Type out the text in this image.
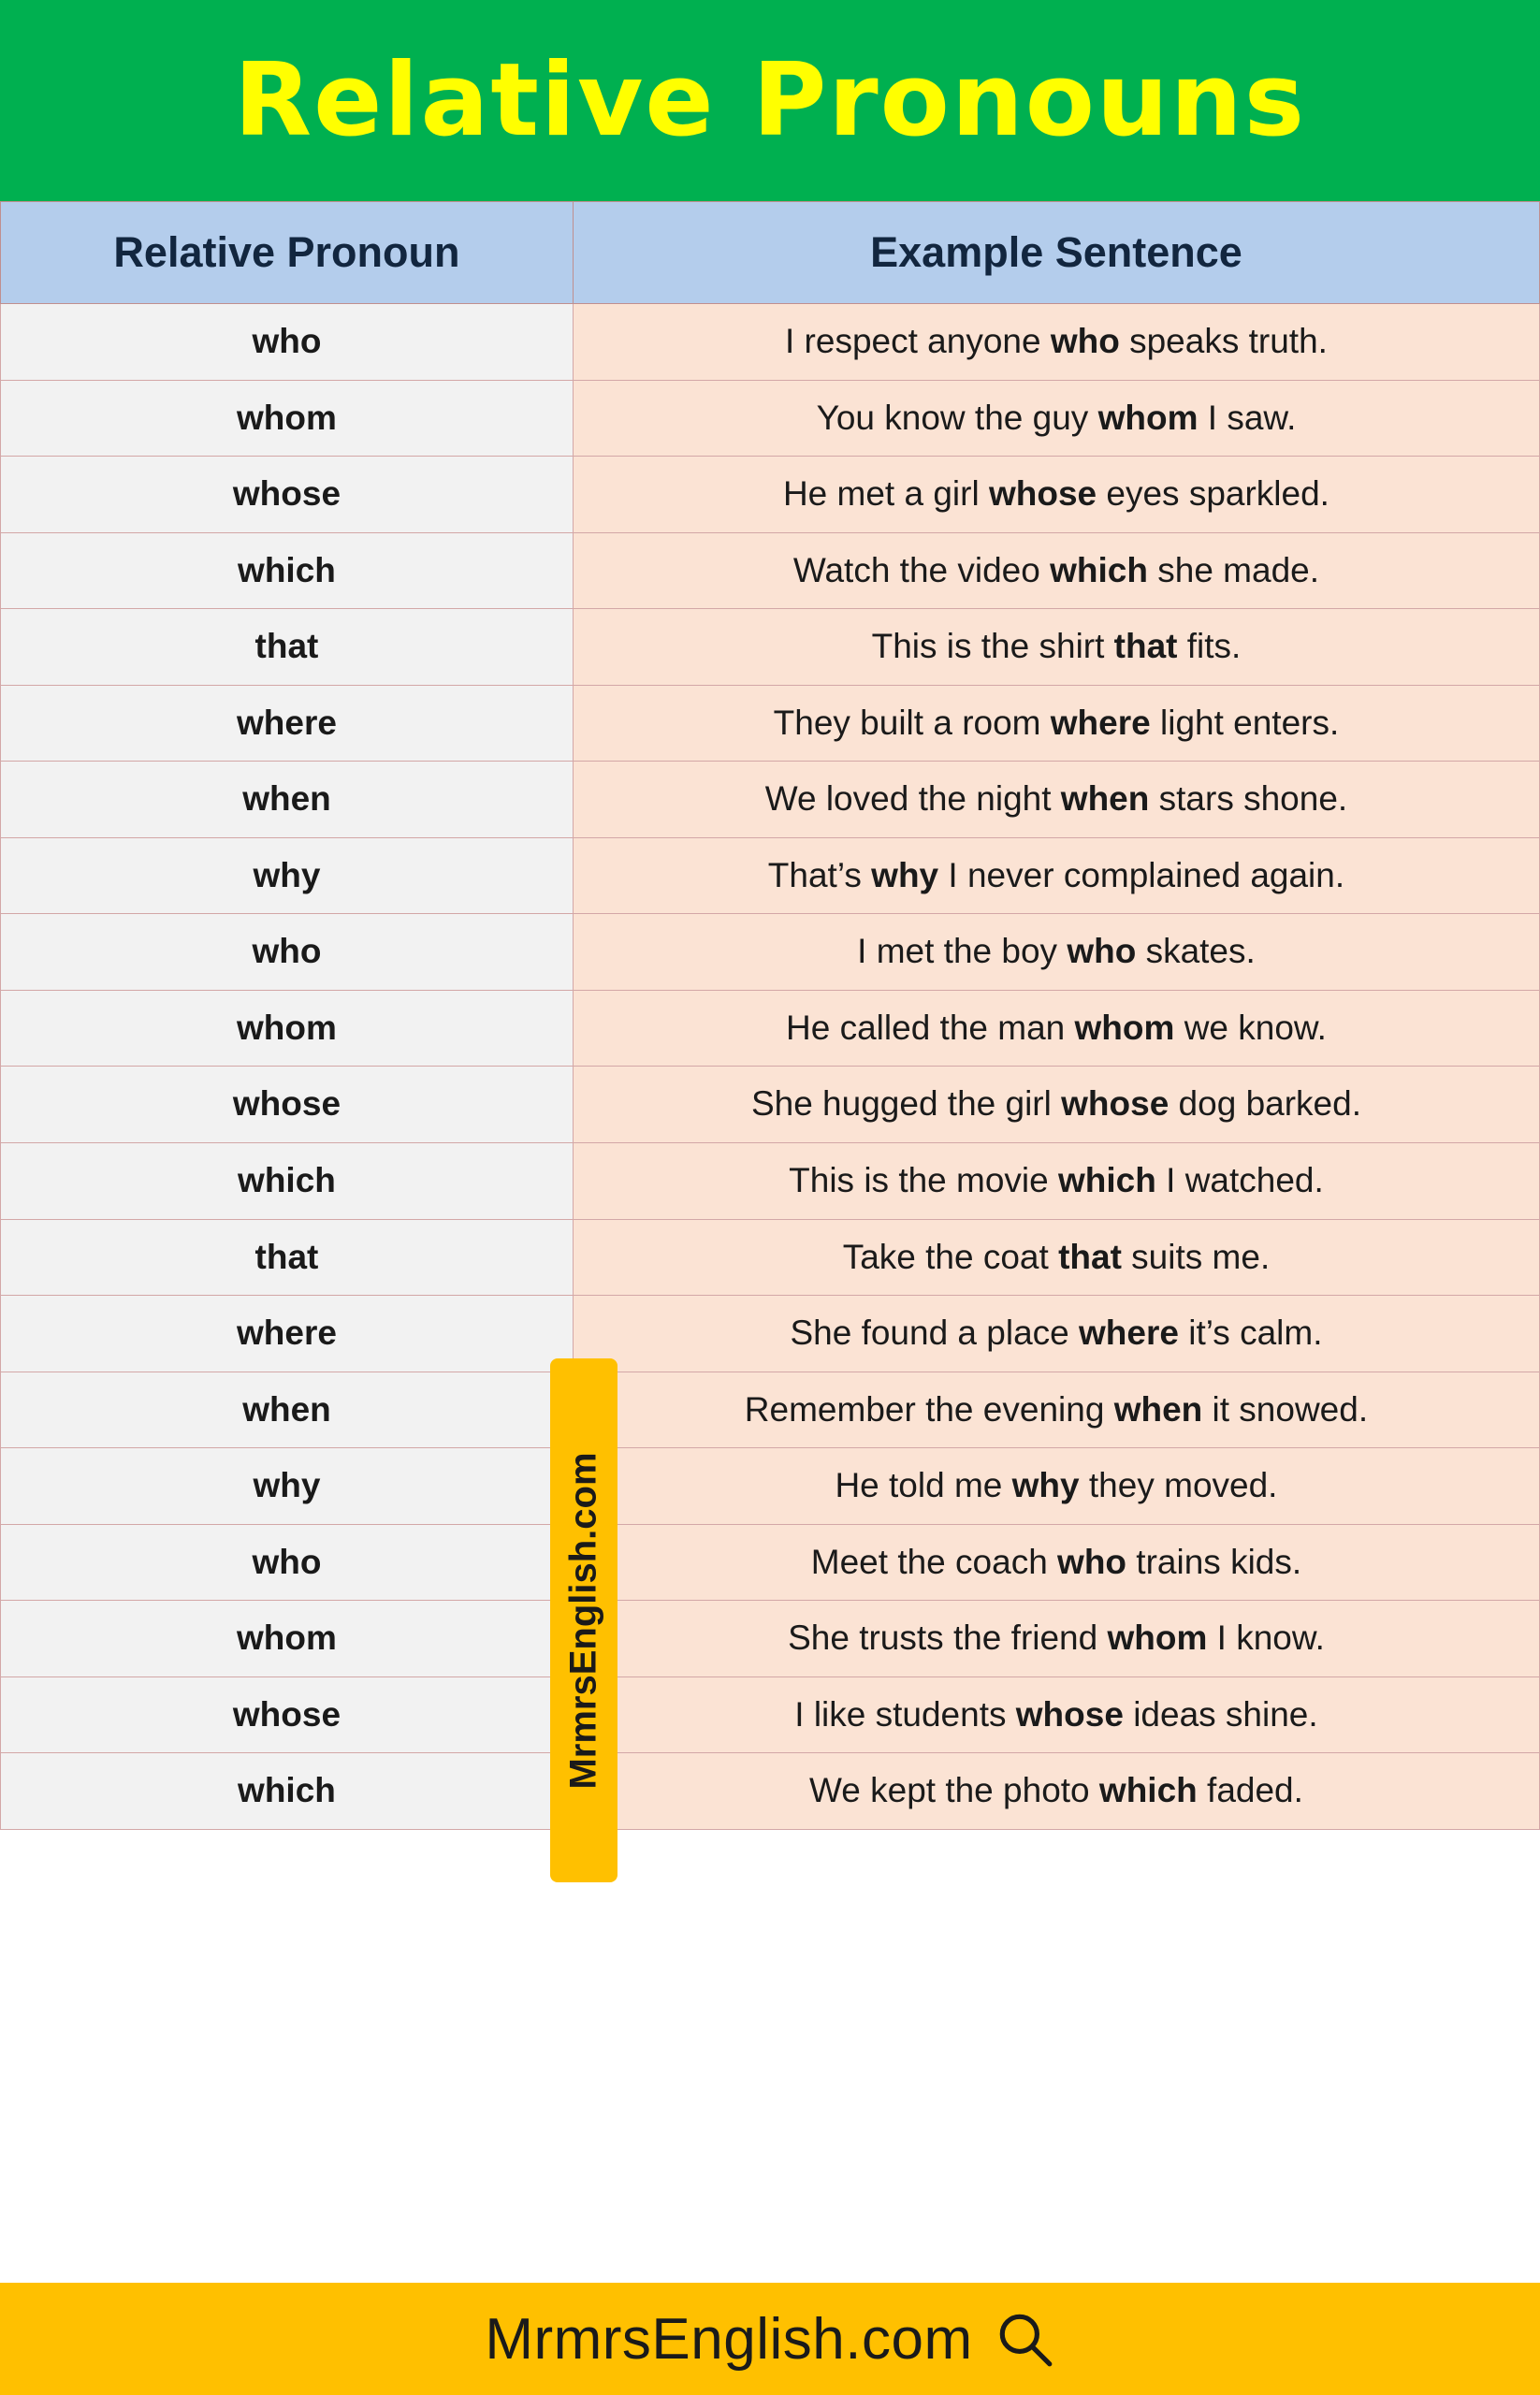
Relative Pronouns
Relative Pronoun	Example Sentence
who	I respect anyone who speaks truth.
whom	You know the guy whom I saw.
whose	He met a girl whose eyes sparkled.
which	Watch the video which she made.
that	This is the shirt that fits.
where	They built a room where light enters.
when	We loved the night when stars shone.
why	That’s why I never complained again.
who	I met the boy who skates.
whom	He called the man whom we know.
whose	She hugged the girl whose dog barked.
which	This is the movie which I watched.
that	Take the coat that suits me.
where	She found a place where it’s calm.
when	Remember the evening when it snowed.
why	He told me why they moved.
who	Meet the coach who trains kids.
whom	She trusts the friend whom I know.
whose	I like students whose ideas shine.
which	We kept the photo which faded.
MrmrsEnglish.com
MrmrsEnglish.com
